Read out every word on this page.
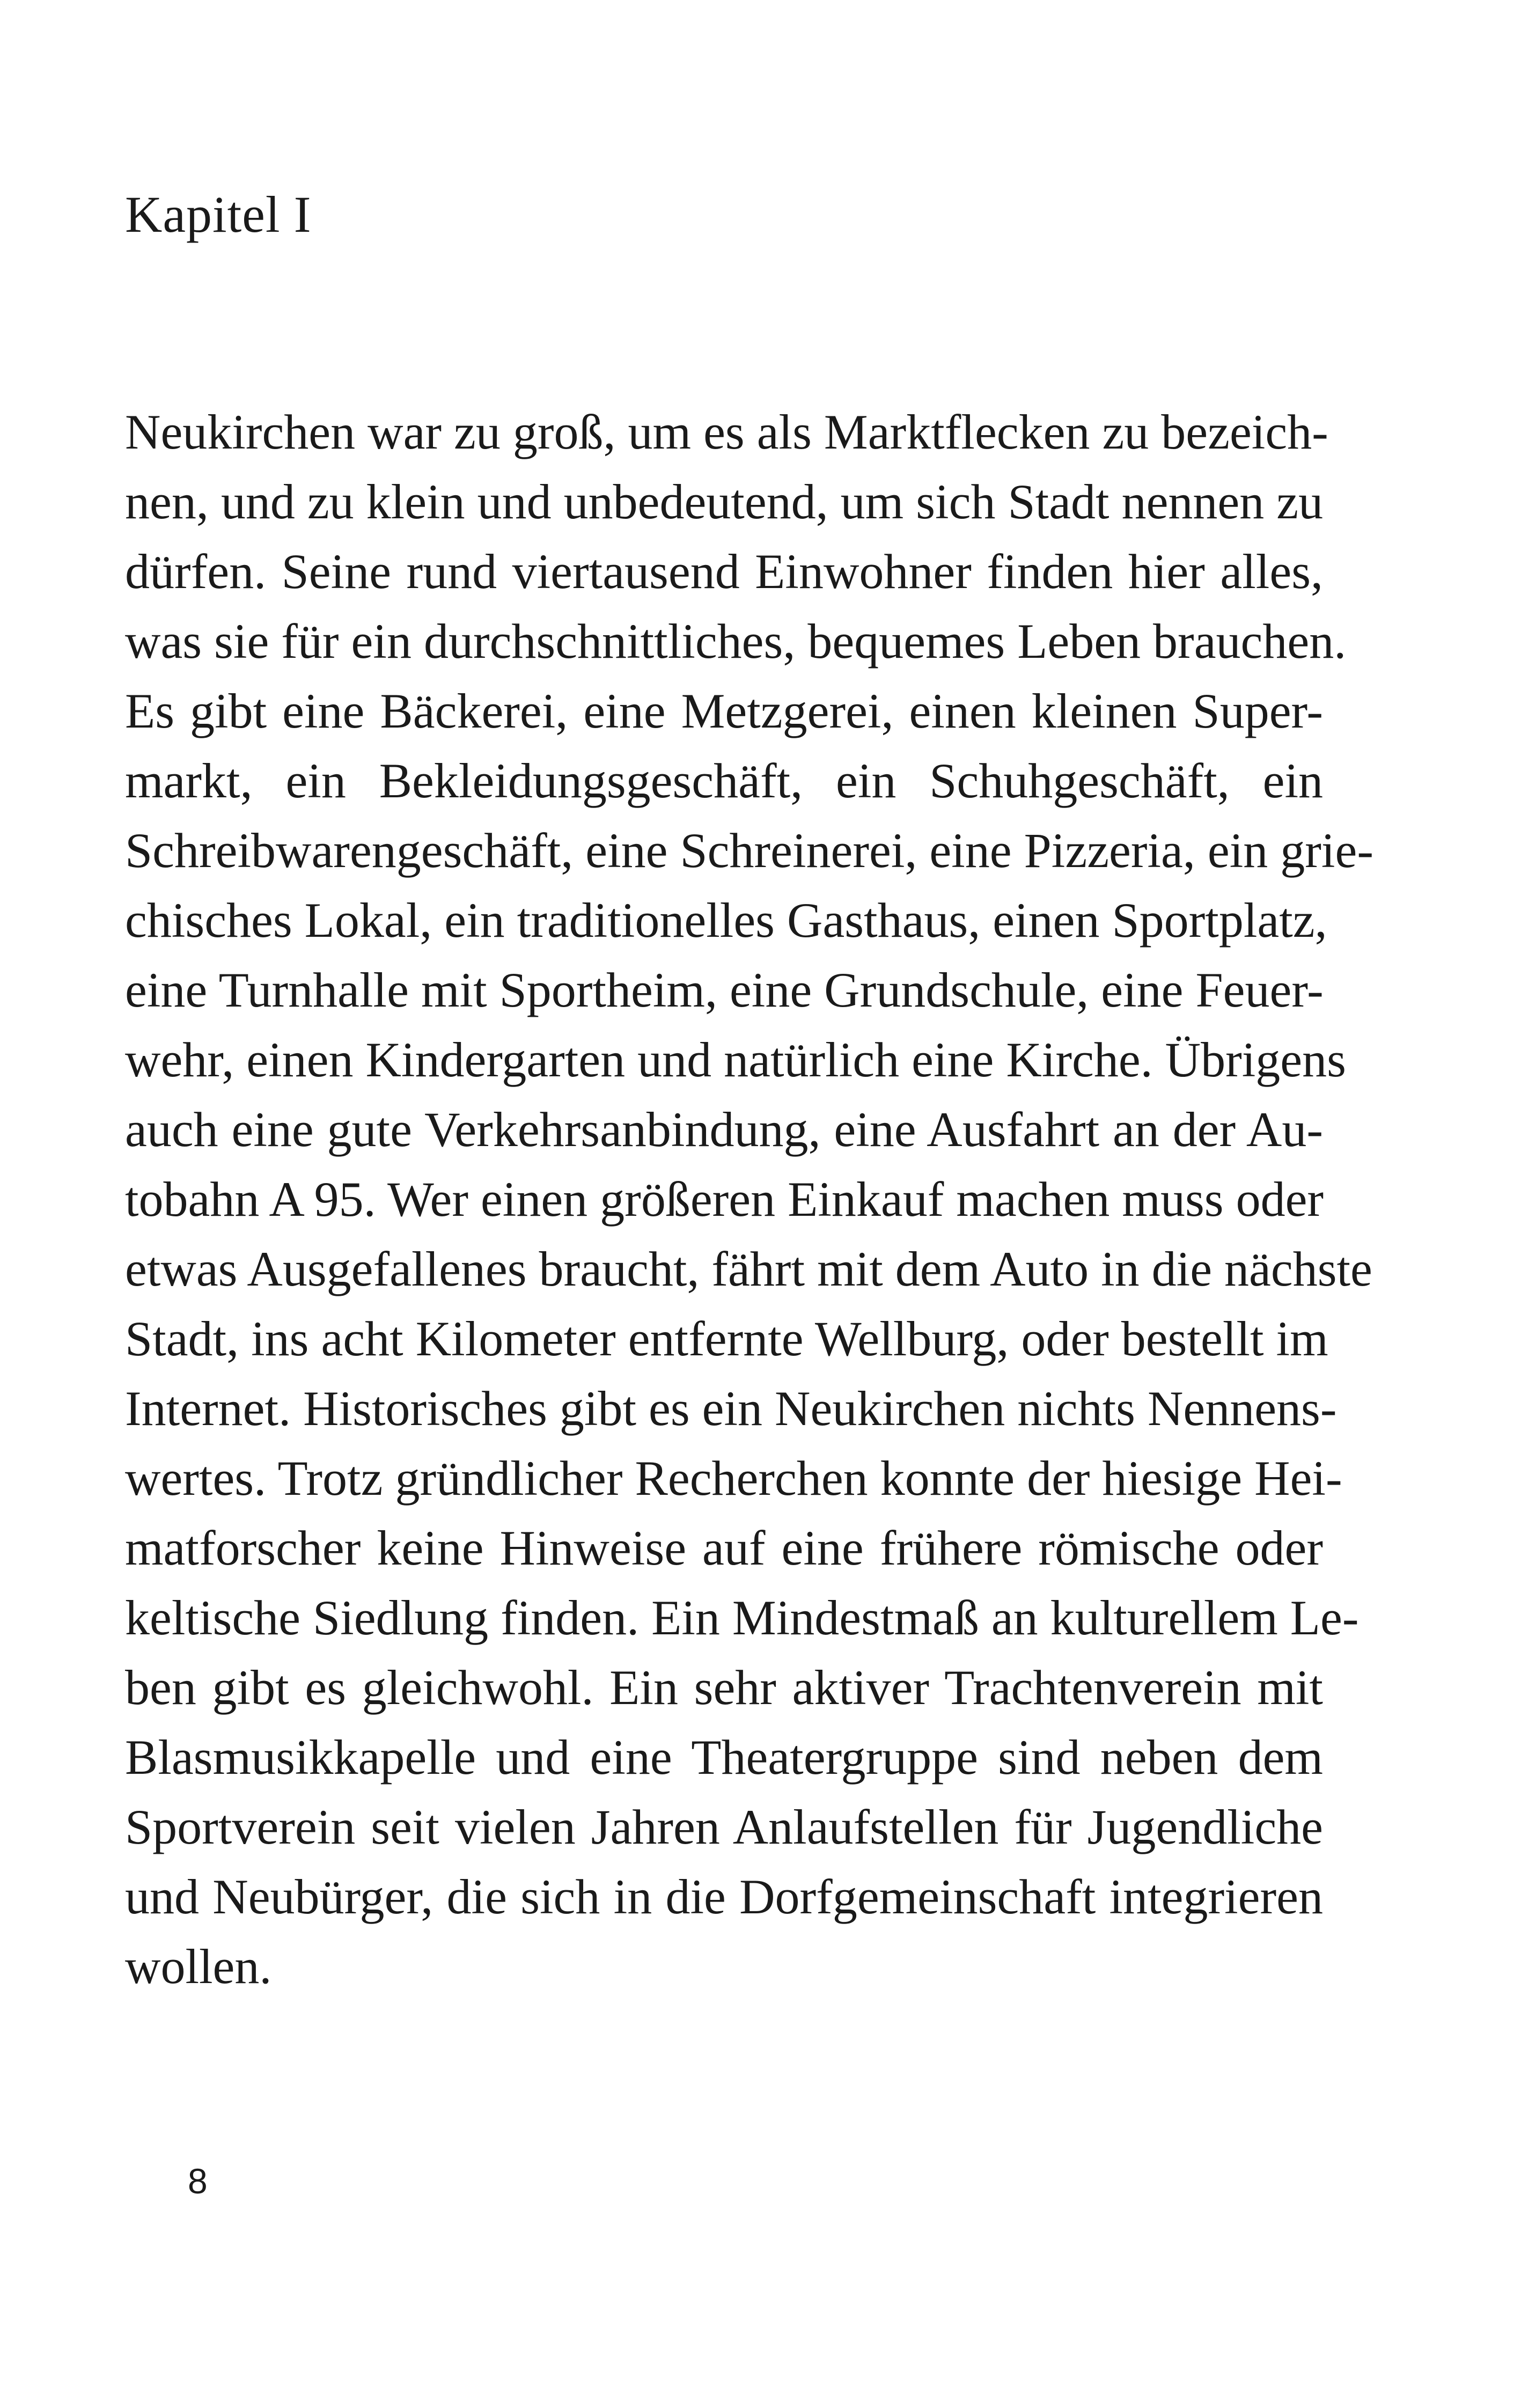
Kapitel I

Neukirchen war zu groß, um es als Marktflecken zu bezeich-
nen, und zu klein und unbedeutend, um sich Stadt nennen zu
dürfen. Seine rund viertausend Einwohner finden hier alles,
was sie für ein durchschnittliches, bequemes Leben brauchen.
Es gibt eine Bäckerei, eine Metzgerei, einen kleinen Super-
markt, ein Bekleidungsgeschäft, ein Schuhgeschäft, ein
Schreibwarengeschäft, eine Schreinerei, eine Pizzeria, ein grie-
chisches Lokal, ein traditionelles Gasthaus, einen Sportplatz,
eine Turnhalle mit Sportheim, eine Grundschule, eine Feuer-
wehr, einen Kindergarten und natürlich eine Kirche. Übrigens
auch eine gute Verkehrsanbindung, eine Ausfahrt an der Au-
tobahn A 95. Wer einen größeren Einkauf machen muss oder
etwas Ausgefallenes braucht, fährt mit dem Auto in die nächste
Stadt, ins acht Kilometer entfernte Wellburg, oder bestellt im
Internet. Historisches gibt es ein Neukirchen nichts Nennens-
wertes. Trotz gründlicher Recherchen konnte der hiesige Hei-
matforscher keine Hinweise auf eine frühere römische oder
keltische Siedlung finden. Ein Mindestmaß an kulturellem Le-
ben gibt es gleichwohl. Ein sehr aktiver Trachtenverein mit
Blasmusikkapelle und eine Theatergruppe sind neben dem
Sportverein seit vielen Jahren Anlaufstellen für Jugendliche
und Neubürger, die sich in die Dorfgemeinschaft integrieren
wollen.

8
